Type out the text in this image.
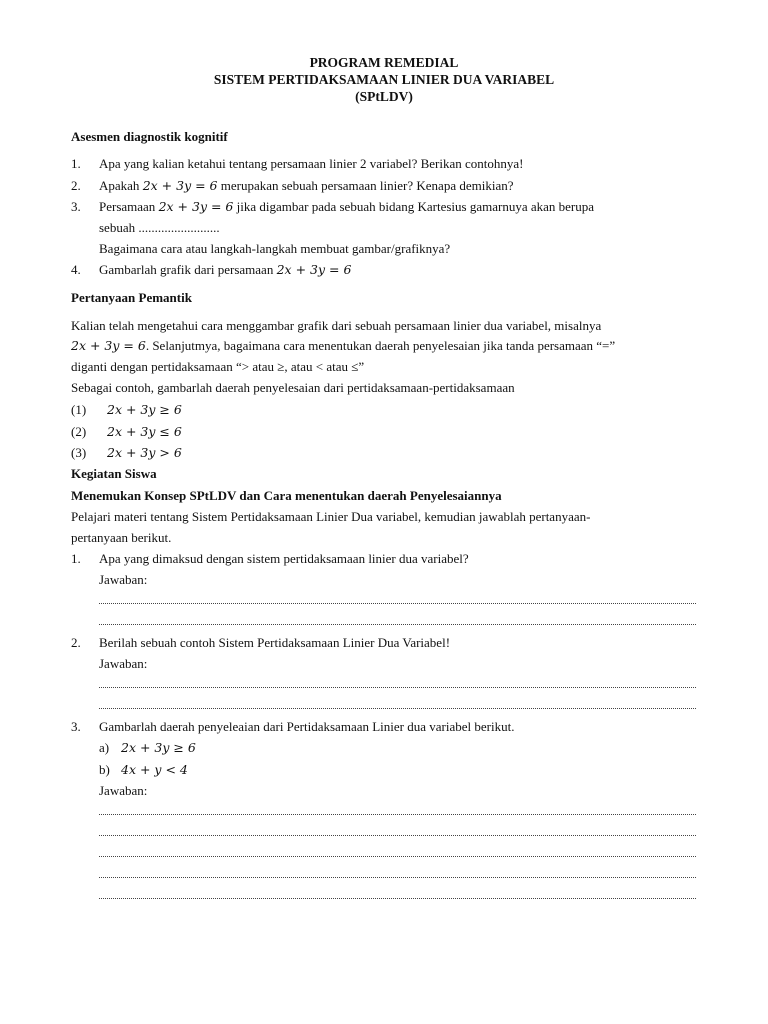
PROGRAM REMEDIAL
SISTEM PERTIDAKSAMAAN LINIER DUA VARIABEL
(SPtLDV)
Asesmen diagnostik kognitif
1. Apa yang kalian ketahui tentang persamaan linier 2 variabel? Berikan contohnya!
2. Apakah 2x + 3y = 6 merupakan sebuah persamaan linier? Kenapa demikian?
3. Persamaan 2x + 3y = 6 jika digambar pada sebuah bidang Kartesius gamarnuya akan berupa
sebuah .........................
Bagaimana cara atau langkah-langkah membuat gambar/grafiknya?
4. Gambarlah grafik dari persamaan 2x + 3y = 6
Pertanyaan Pemantik
Kalian telah mengetahui cara menggambar grafik dari sebuah persamaan linier dua variabel, misalnya
2x + 3y = 6. Selanjutmya, bagaimana cara menentukan daerah penyelesaian jika tanda persamaan “=”
diganti dengan pertidaksamaan “> atau ≥, atau < atau ≤”
Sebagai contoh, gambarlah daerah penyelesaian dari pertidaksamaan-pertidaksamaan
(1) 2x + 3y ≥ 6
(2) 2x + 3y ≤ 6
(3) 2x + 3y > 6
Kegiatan Siswa
Menemukan Konsep SPtLDV dan Cara menentukan daerah Penyelesaiannya
Pelajari materi tentang Sistem Pertidaksamaan Linier Dua variabel, kemudian jawablah pertanyaan-
pertanyaan berikut.
1. Apa yang dimaksud dengan sistem pertidaksamaan linier dua variabel?
Jawaban:
2. Berilah sebuah contoh Sistem Pertidaksamaan Linier Dua Variabel!
Jawaban:
3. Gambarlah daerah penyeleaian dari Pertidaksamaan Linier dua variabel berikut.
a) 2x + 3y ≥ 6
b) 4x + y < 4
Jawaban:
